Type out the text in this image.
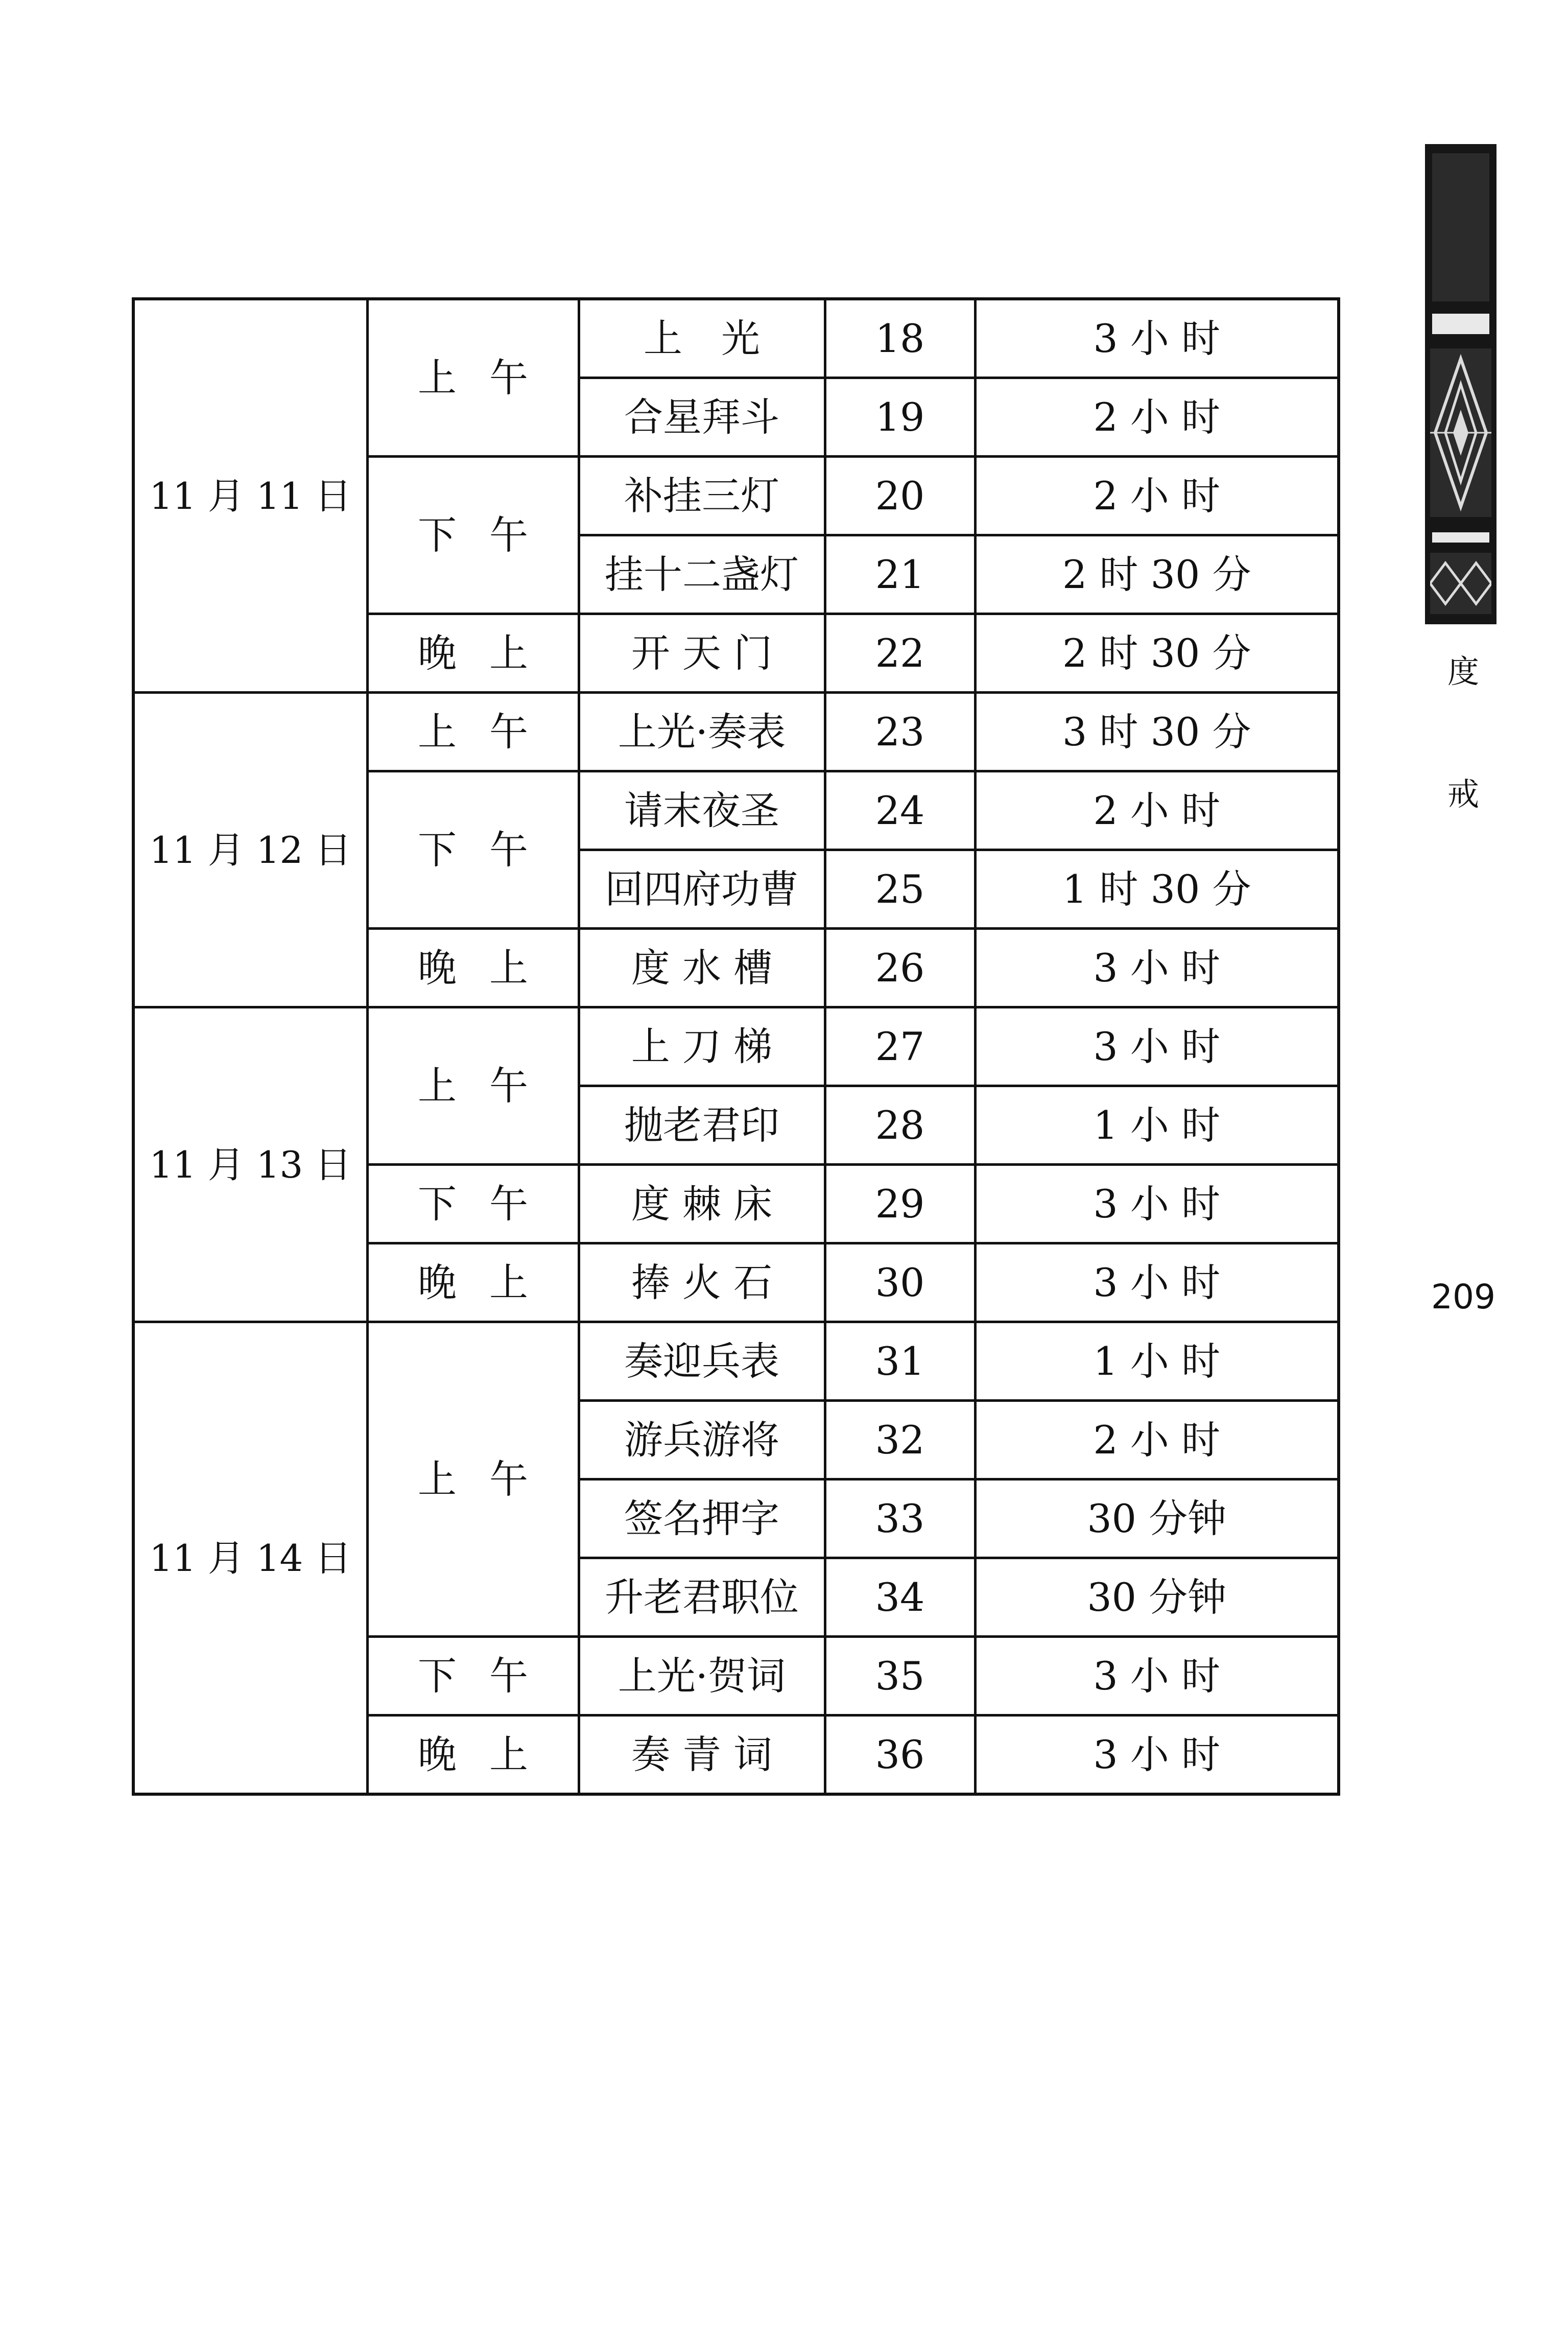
11 月 11 日	上午	上　光	18	3 小 时
		合星拜斗	19	2 小 时
	下午	补挂三灯	20	2 小 时
		挂十二盏灯	21	2 时 30 分
	晚上	开 天 门	22	2 时 30 分
11 月 12 日	上午	上光·奏表	23	3 时 30 分
	下午	请末夜圣	24	2 小 时
		回四府功曹	25	1 时 30 分
	晚上	度 水 槽	26	3 小 时
11 月 13 日	上午	上 刀 梯	27	3 小 时
		抛老君印	28	1 小 时
	下午	度 棘 床	29	3 小 时
	晚上	捧 火 石	30	3 小 时
11 月 14 日	上午	奏迎兵表	31	1 小 时
		游兵游将	32	2 小 时
		签名押字	33	30 分钟
		升老君职位	34	30 分钟
	下午	上光·贺词	35	3 小 时
	晚上	奏 青 词	36	3 小 时
度
戒
209
